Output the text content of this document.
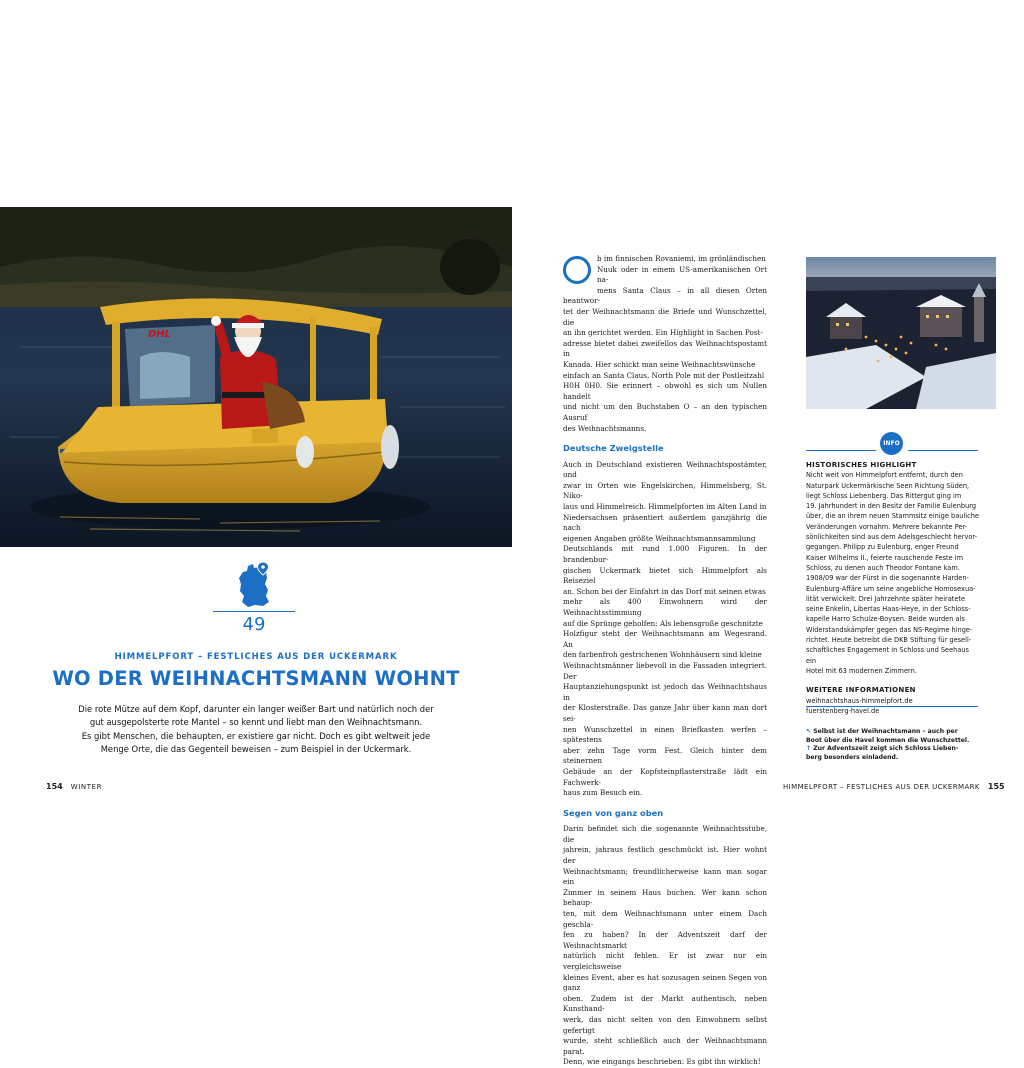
DHL
49
HIMMELPFORT – FESTLICHES AUS DER UCKERMARK
WO DER WEIHNACHTSMANN WOHNT
Die rote Mütze auf dem Kopf, darunter ein langer weißer Bart und natürlich noch der
gut ausgepolsterte rote Mantel – so kennt und liebt man den Weihnachtsmann.
Es gibt Menschen, die behaupten, er existiere gar nicht. Doch es gibt weltweit jede
Menge Orte, die das Gegenteil beweisen – zum Beispiel in der Uckermark.
154 WINTER

b im finnischen Rovaniemi, im grönländischen
Nuuk oder in einem US-amerikanischen Ort na-
mens Santa Claus – in all diesen Orten beantwor-
tet der Weihnachtsmann die Briefe und Wunschzettel, die
an ihn gerichtet werden. Ein Highlight in Sachen Post-
adresse bietet dabei zweifellos das Weihnachtspostamt in
Kanada. Hier schickt man seine Weihnachtswünsche
einfach an Santa Claus, North Pole mit der Postleitzahl
H0H 0H0. Sie erinnert – obwohl es sich um Nullen handelt
und nicht um den Buchstaben O – an den typischen Ausruf
des Weihnachtsmanns.

Deutsche Zweigstelle

Auch in Deutschland existieren Weihnachtspostämter, und
zwar in Orten wie Engelskirchen, Himmelsberg, St. Niko-
laus und Himmelreich. Himmelpforten im Alten Land in
Niedersachsen präsentiert außerdem ganzjährig die nach
eigenen Angaben größte Weihnachtsmannsammlung
Deutschlands mit rund 1.000 Figuren. In der brandenbur-
gischen Uckermark bietet sich Himmelpfort als Reiseziel
an. Schon bei der Einfahrt in das Dorf mit seinen etwas
mehr als 400 Einwohnern wird der Weihnachtsstimmung
auf die Sprünge geholfen: Als lebensgroße geschnitzte
Holzfigur steht der Weihnachtsmann am Wegesrand. An
den farbenfroh gestrichenen Wohnhäusern sind kleine
Weihnachtsmänner liebevoll in die Fassaden integriert. Der
Hauptanziehungspunkt ist jedoch das Weihnachtshaus in
der Klosterstraße. Das ganze Jahr über kann man dort sei-
nen Wunschzettel in einen Briefkasten werfen – spätestens
aber zehn Tage vorm Fest. Gleich hinter dem steinernen
Gebäude an der Kopfsteinpflasterstraße lädt ein Fachwerk-
haus zum Besuch ein.

Segen von ganz oben

Darin befindet sich die sogenannte Weihnachtsstube, die
jahrein, jahraus festlich geschmückt ist. Hier wohnt der
Weihnachtsmann; freundlicherweise kann man sogar ein
Zimmer in seinem Haus buchen. Wer kann schon behaup-
ten, mit dem Weihnachtsmann unter einem Dach geschla-
fen zu haben? In der Adventszeit darf der Weihnachtsmarkt
natürlich nicht fehlen. Er ist zwar nur ein vergleichsweise
kleines Event, aber es hat sozusagen seinen Segen von ganz
oben. Zudem ist der Markt authentisch, neben Kunsthand-
werk, das nicht selten von den Einwohnern selbst gefertigt
wurde, steht schließlich auch der Weihnachtsmann parat.
Denn, wie eingangs beschrieben: Es gibt ihn wirklich!

INFO
HISTORISCHES HIGHLIGHT

Nicht weit von Himmelpfort entfernt, durch den
Naturpark Uckermärkische Seen Richtung Süden,
liegt Schloss Liebenberg. Das Rittergut ging im
19. Jahrhundert in den Besitz der Familie Eulenburg
über, die an ihrem neuen Stammsitz einige bauliche
Veränderungen vornahm. Mehrere bekannte Per-
sönlichkeiten sind aus dem Adelsgeschlecht hervor-
gegangen. Philipp zu Eulenburg, enger Freund
Kaiser Wilhelms II., feierte rauschende Feste im
Schloss, zu denen auch Theodor Fontane kam.
1908/09 war der Fürst in die sogenannte Harden-
Eulenburg-Affäre um seine angebliche Homosexua-
lität verwickelt. Drei Jahrzehnte später heiratete
seine Enkelin, Libertas Haas-Heye, in der Schloss-
kapelle Harro Schulze-Boysen. Beide wurden als
Widerstandskämpfer gegen das NS-Regime hinge-
richtet. Heute betreibt die DKB Stiftung für gesell-
schaftliches Engagement in Schloss und Seehaus ein
Hotel mit 63 modernen Zimmern.

WEITERE INFORMATIONEN
weihnachtshaus-himmelpfort.de
fuerstenberg-havel.de
↖ Selbst ist der Weihnachtsmann – auch per
Boot über die Havel kommen die Wunschzettel.
↑ Zur Adventszeit zeigt sich Schloss Lieben-
berg besonders einladend.
HIMMELPFORT – FESTLICHES AUS DER UCKERMARK 155
